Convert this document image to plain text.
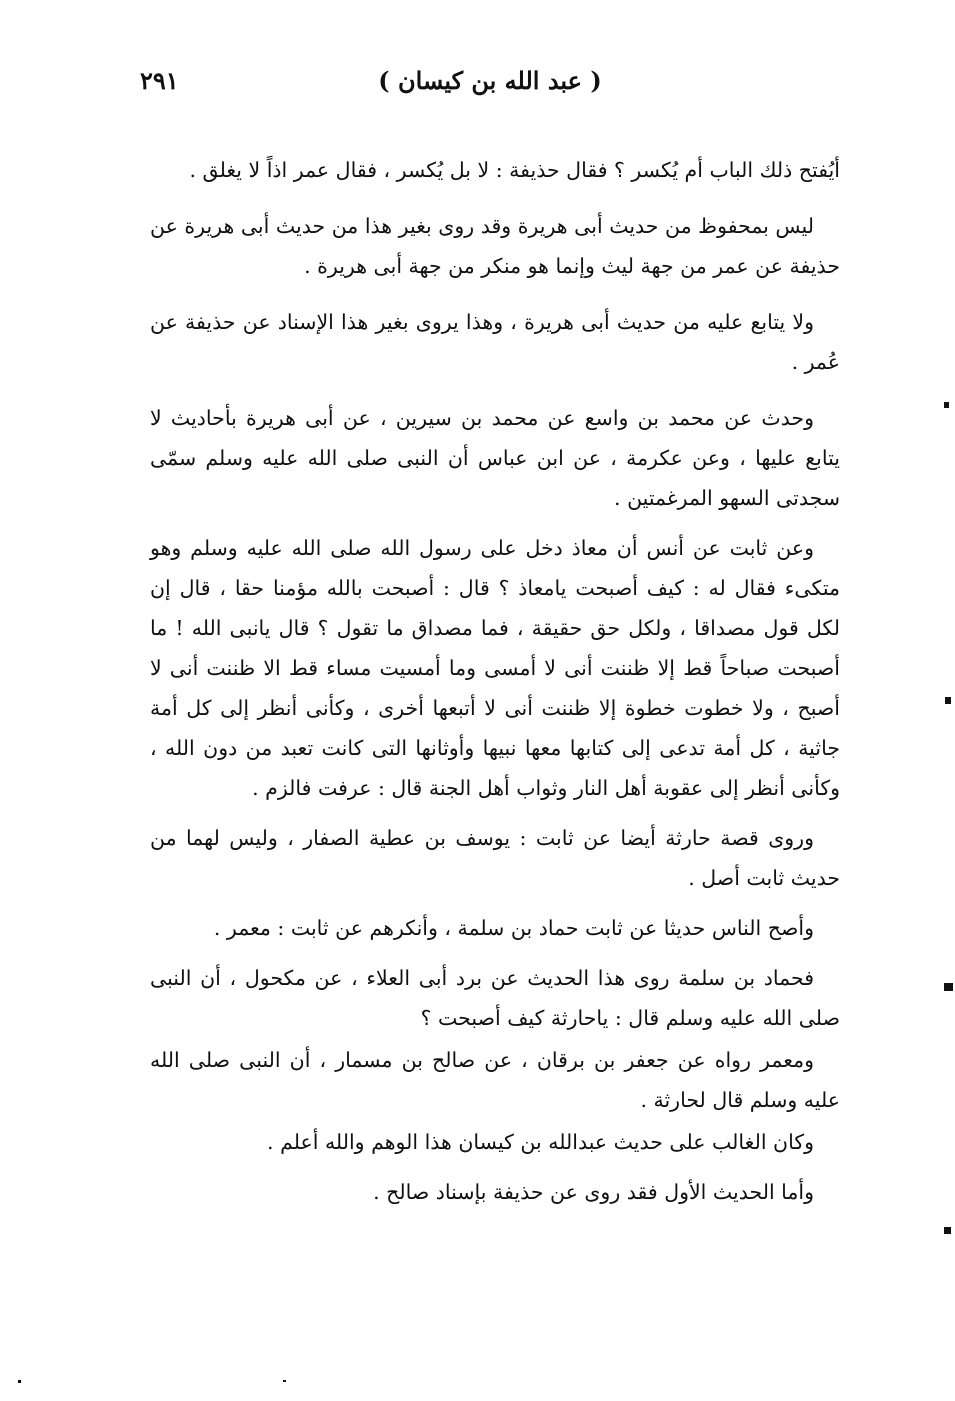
٢٩١	( عبد الله بن كيسان )

أيُفتح ذلك الباب أم يُكسر ؟ فقال حذيفة : لا بل يُكسر ، فقال عمر اذاً لا يغلق .

ليس بمحفوظ من حديث أبى هريرة وقد روى بغير هذا من حديث أبى هريرة عن حذيفة عن عمر من جهة ليث وإنما هو منكر من جهة أبى هريرة .

ولا يتابع عليه من حديث أبى هريرة ، وهذا يروى بغير هذا الإسناد عن حذيفة عن عُمر .

وحدث عن محمد بن واسع عن محمد بن سيرين ، عن أبى هريرة بأحاديث لا يتابع عليها ، وعن عكرمة ، عن ابن عباس أن النبى صلى الله عليه وسلم سمّى سجدتى السهو المرغمتين .

وعن ثابت عن أنس أن معاذ دخل على رسول الله صلى الله عليه وسلم وهو متكىء فقال له : كيف أصبحت يامعاذ ؟ قال : أصبحت بالله مؤمنا حقا ، قال إن لكل قول مصداقا ، ولكل حق حقيقة ، فما مصداق ما تقول ؟ قال يانبى الله ! ما أصبحت صباحاً قط إلا ظننت أنى لا أمسى وما أمسيت مساء قط الا ظننت أنى لا أصبح ، ولا خطوت خطوة إلا ظننت أنى لا أتبعها أخرى ، وكأنى أنظر إلى كل أمة جاثية ، كل أمة تدعى إلى كتابها معها نبيها وأوثانها التى كانت تعبد من دون الله ، وكأنى أنظر إلى عقوبة أهل النار وثواب أهل الجنة قال : عرفت فالزم .

وروى قصة حارثة أيضا عن ثابت : يوسف بن عطية الصفار ، وليس لهما من حديث ثابت أصل .

وأصح الناس حديثا عن ثابت حماد بن سلمة ، وأنكرهم عن ثابت : معمر .

فحماد بن سلمة روى هذا الحديث عن برد أبى العلاء ، عن مكحول ، أن النبى صلى الله عليه وسلم قال : ياحارثة كيف أصبحت ؟

ومعمر رواه عن جعفر بن برقان ، عن صالح بن مسمار ، أن النبى صلى الله عليه وسلم قال لحارثة .

وكان الغالب على حديث عبدالله بن كيسان هذا الوهم والله أعلم .

وأما الحديث الأول فقد روى عن حذيفة بإسناد صالح .
